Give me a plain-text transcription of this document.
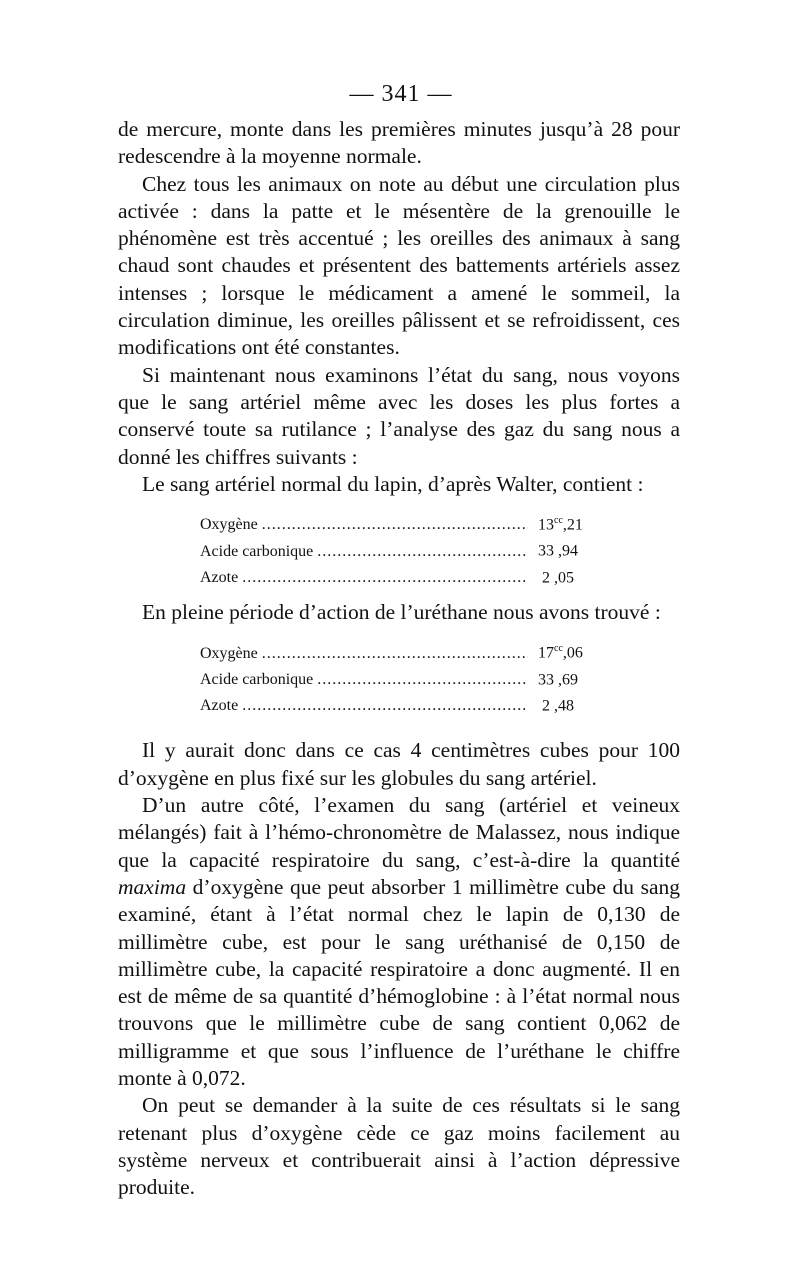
— 341 —

de mercure, monte dans les premières minutes jusqu’à 28 pour redescendre à la moyenne normale.

Chez tous les animaux on note au début une circulation plus activée : dans la patte et le mésentère de la grenouille le phénomène est très accentué ; les oreilles des animaux à sang chaud sont chaudes et présentent des battements artériels assez intenses ; lorsque le médicament a amené le sommeil, la circulation diminue, les oreilles pâlissent et se refroidissent, ces modifications ont été constantes.

Si maintenant nous examinons l’état du sang, nous voyons que le sang artériel même avec les doses les plus fortes a conservé toute sa rutilance ; l’analyse des gaz du sang nous a donné les chiffres suivants :

Le sang artériel normal du lapin, d’après Walter, contient :

Oxygène .....	$13^{cc},21$
Acide carbonique .....	33 ,94
Azote .....	2 ,05

En pleine période d’action de l’uréthane nous avons trouvé :

Oxygène .....	$17^{cc},06$
Acide carbonique .....	33 ,69
Azote .....	2 ,48

Il y aurait donc dans ce cas 4 centimètres cubes pour 100 d’oxygène en plus fixé sur les globules du sang artériel.

D’un autre côté, l’examen du sang (artériel et veineux mélangés) fait à l’hémo-chronomètre de Malassez, nous indique que la capacité respiratoire du sang, c’est-à-dire la quantité maxima d’oxygène que peut absorber 1 millimètre cube du sang examiné, étant à l’état normal chez le lapin de 0,130 de millimètre cube, est pour le sang uréthanisé de 0,150 de millimètre cube, la capacité respiratoire a donc augmenté. Il en est de même de sa quantité d’hémoglobine : à l’état normal nous trouvons que le millimètre cube de sang contient 0,062 de milligramme et que sous l’influence de l’uréthane le chiffre monte à 0,072.

On peut se demander à la suite de ces résultats si le sang retenant plus d’oxygène cède ce gaz moins facilement au système nerveux et contribuerait ainsi à l’action dépressive produite.
